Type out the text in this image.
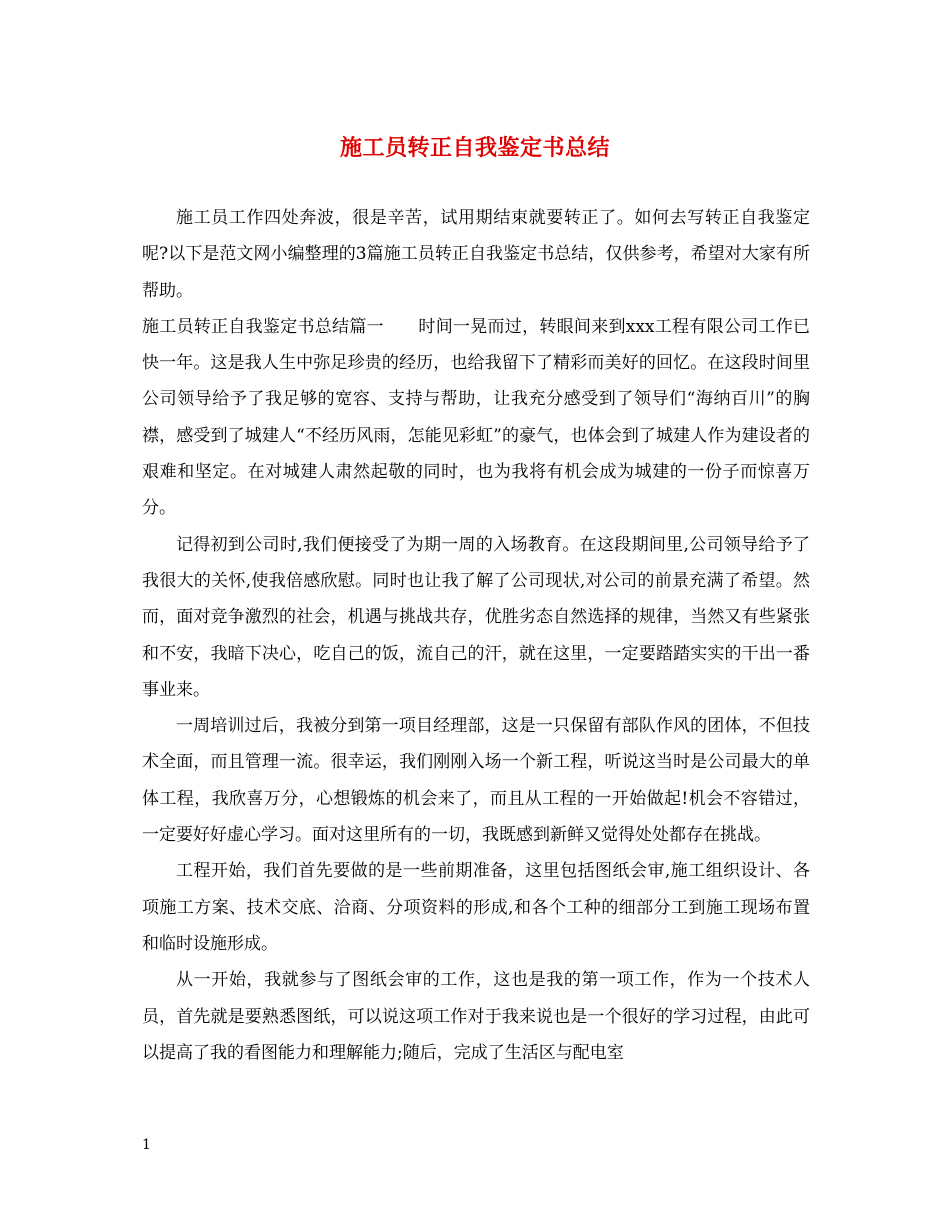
施工员转正自我鉴定书总结

施工员工作四处奔波，很是辛苦，试用期结束就要转正了。如何去写转正自我鉴定呢?以下是范文网小编整理的3篇施工员转正自我鉴定书总结，仅供参考，希望对大家有所帮助。

施工员转正自我鉴定书总结篇一　　时间一晃而过，转眼间来到xxx工程有限公司工作已快一年。这是我人生中弥足珍贵的经历，也给我留下了精彩而美好的回忆。在这段时间里公司领导给予了我足够的宽容、支持与帮助，让我充分感受到了领导们“海纳百川”的胸襟，感受到了城建人“不经历风雨，怎能见彩虹”的豪气，也体会到了城建人作为建设者的艰难和坚定。在对城建人肃然起敬的同时，也为我将有机会成为城建的一份子而惊喜万分。

记得初到公司时,我们便接受了为期一周的入场教育。在这段期间里,公司领导给予了我很大的关怀,使我倍感欣慰。同时也让我了解了公司现状,对公司的前景充满了希望。然而，面对竞争激烈的社会，机遇与挑战共存，优胜劣态自然选择的规律，当然又有些紧张和不安，我暗下决心，吃自己的饭，流自己的汗，就在这里，一定要踏踏实实的干出一番事业来。

一周培训过后，我被分到第一项目经理部，这是一只保留有部队作风的团体，不但技术全面，而且管理一流。很幸运，我们刚刚入场一个新工程，听说这当时是公司最大的单体工程，我欣喜万分，心想锻炼的机会来了，而且从工程的一开始做起!机会不容错过，一定要好好虚心学习。面对这里所有的一切，我既感到新鲜又觉得处处都存在挑战。

工程开始，我们首先要做的是一些前期准备，这里包括图纸会审,施工组织设计、各项施工方案、技术交底、洽商、分项资料的形成,和各个工种的细部分工到施工现场布置和临时设施形成。

从一开始，我就参与了图纸会审的工作，这也是我的第一项工作，作为一个技术人员，首先就是要熟悉图纸，可以说这项工作对于我来说也是一个很好的学习过程，由此可以提高了我的看图能力和理解能力;随后，完成了生活区与配电室

1
